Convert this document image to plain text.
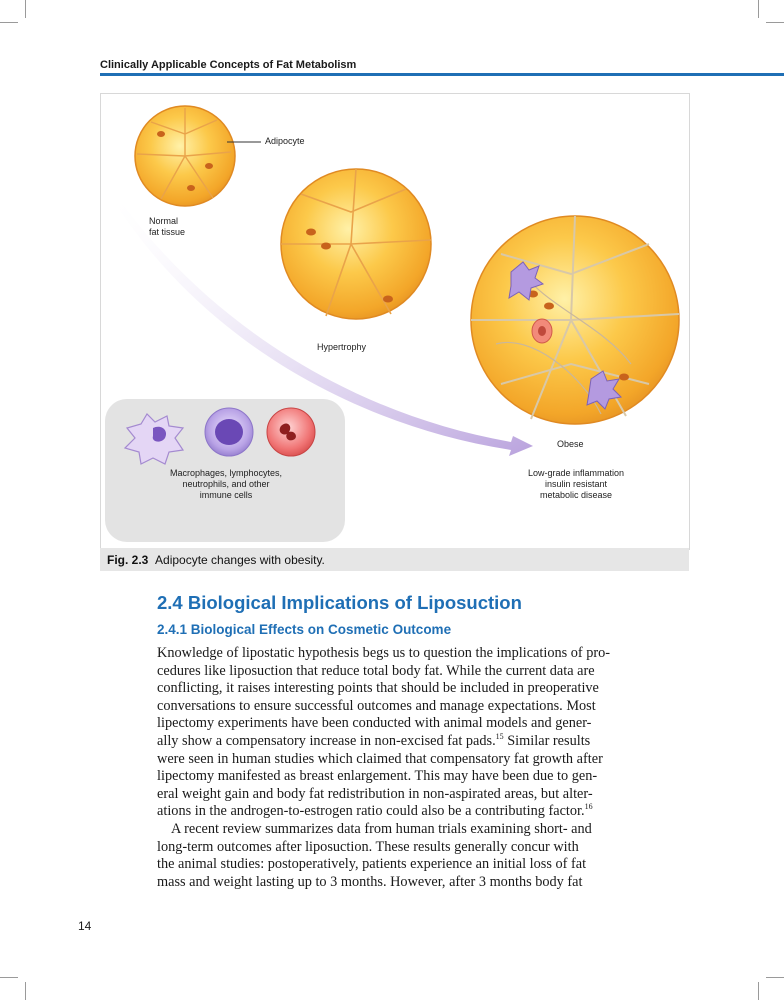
Clinically Applicable Concepts of Fat Metabolism
Adipocyte
Normal
fat tissue
Hypertrophy
Obese
Macrophages, lymphocytes,
neutrophils, and other
immune cells
Low-grade inflammation
insulin resistant
metabolic disease
Fig. 2.3 Adipocyte changes with obesity.
2.4 Biological Implications of Liposuction
2.4.1 Biological Effects on Cosmetic Outcome
Knowledge of lipostatic hypothesis begs us to question the implications of pro-
cedures like liposuction that reduce total body fat. While the current data are
conflicting, it raises interesting points that should be included in preoperative
conversations to ensure successful outcomes and manage expectations. Most
lipectomy experiments have been conducted with animal models and gener-
ally show a compensatory increase in non-excised fat pads.$^{15}$ Similar results
were seen in human studies which claimed that compensatory fat growth after
lipectomy manifested as breast enlargement. This may have been due to gen-
eral weight gain and body fat redistribution in non-aspirated areas, but alter-
ations in the androgen-to-estrogen ratio could also be a contributing factor.$^{16}$
A recent review summarizes data from human trials examining short- and
long-term outcomes after liposuction. These results generally concur with
the animal studies: postoperatively, patients experience an initial loss of fat
mass and weight lasting up to 3 months. However, after 3 months body fat
14
